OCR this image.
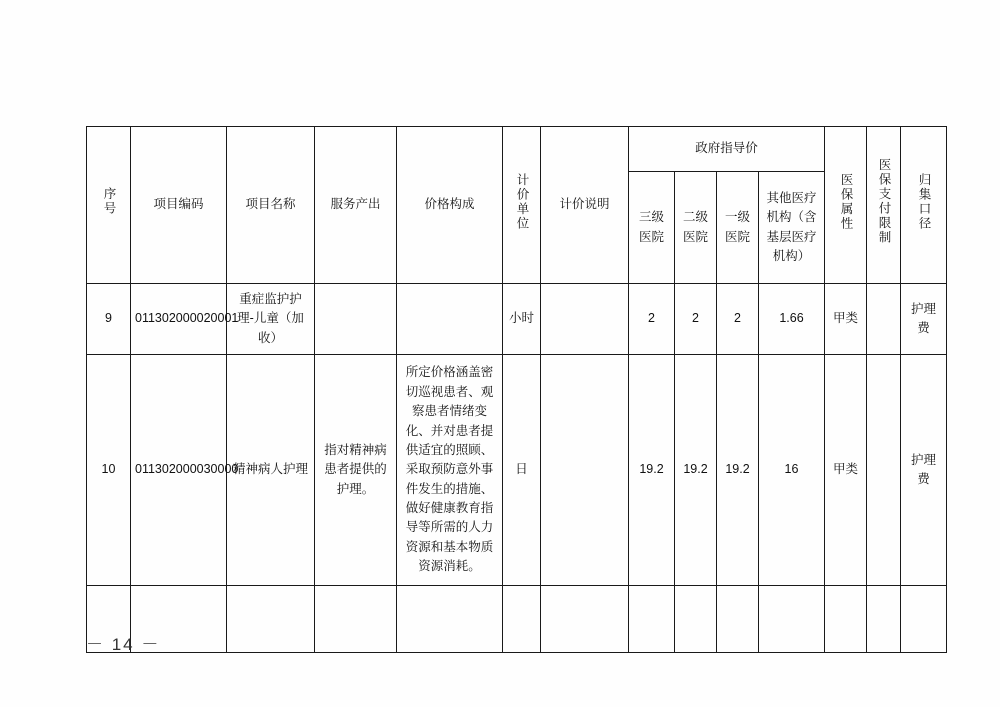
序号	项目编码	项目名称	服务产出	价格构成	计价单位	计价说明	政府指导价				医保属性	医保支付限制	归集口径
							三级医院	二级医院	一级医院	其他医疗机构（含基层医疗机构）			
9	011302000020001	重症监护护理-儿童（加收）			小时		2	2	2	1.66	甲类		护理费
10	011302000030000	精神病人护理	指对精神病患者提供的护理。	所定价格涵盖密切巡视患者、观察患者情绪变化、并对患者提供适宜的照顾、采取预防意外事件发生的措施、做好健康教育指导等所需的人力资源和基本物质资源消耗。	日		19.2	19.2	19.2	16	甲类		护理费

－ 14 －
